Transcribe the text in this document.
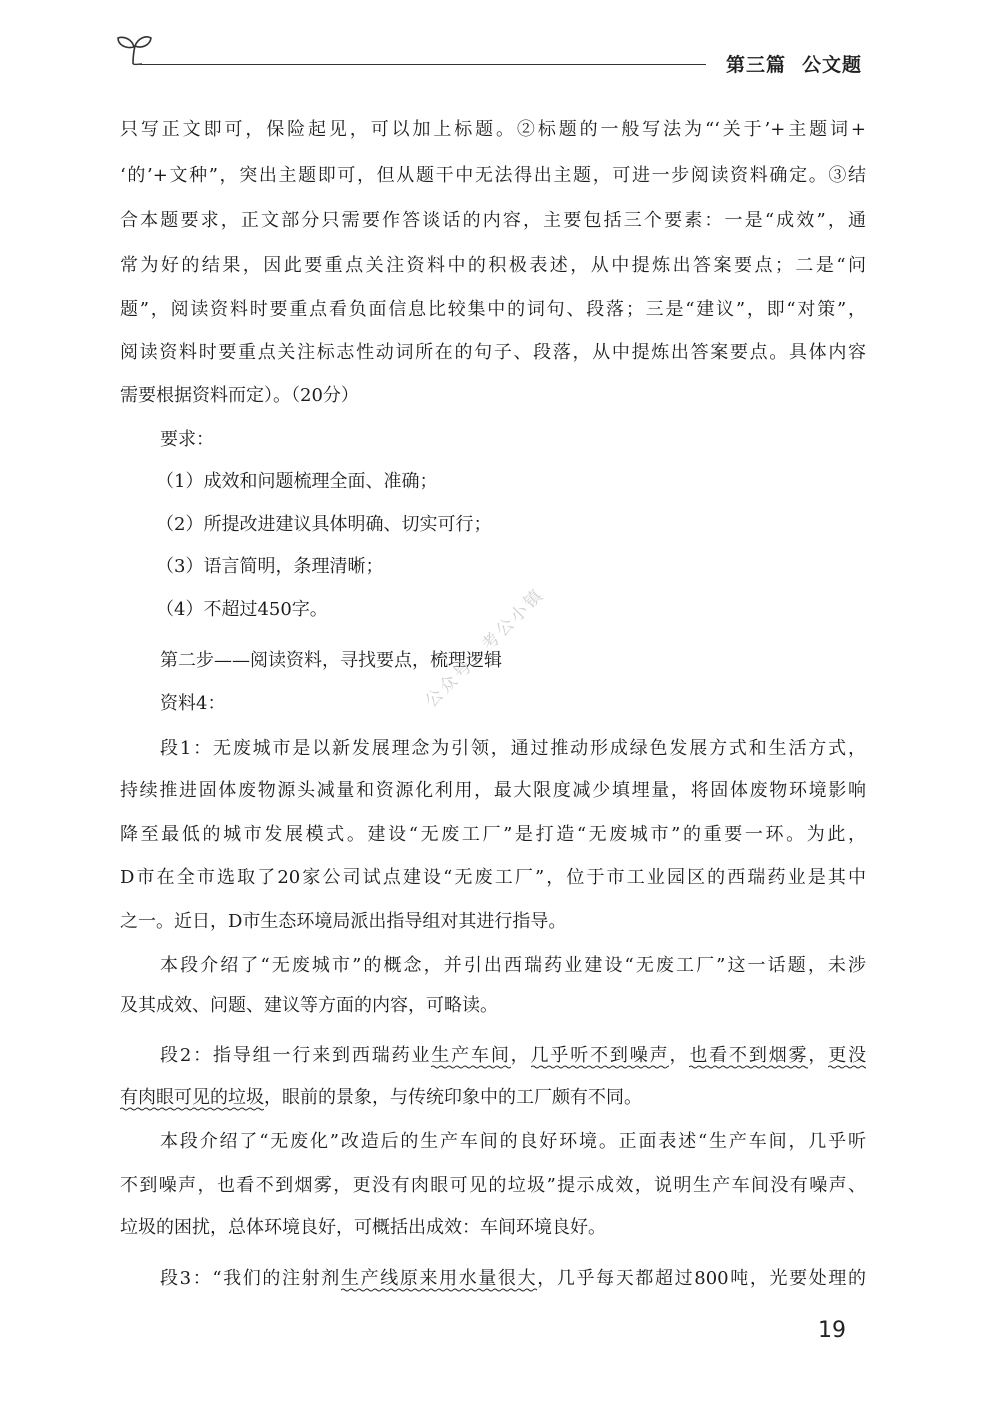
第三篇 公文题
只写正文即可，保险起见，可以加上标题。②标题的一般写法为“‘关于’+主题词+
‘的’+文种”，突出主题即可，但从题干中无法得出主题，可进一步阅读资料确定。③结
合本题要求，正文部分只需要作答谈话的内容，主要包括三个要素：一是“成效”，通
常为好的结果，因此要重点关注资料中的积极表述，从中提炼出答案要点；二是“问
题”，阅读资料时要重点看负面信息比较集中的词句、段落；三是“建议”，即“对策”，
阅读资料时要重点关注标志性动词所在的句子、段落，从中提炼出答案要点。具体内容
需要根据资料而定）。（20分）
要求：
（1）成效和问题梳理全面、准确；
（2）所提改进建议具体明确、切实可行；
（3）语言简明，条理清晰；
（4）不超过450字。
第二步——阅读资料，寻找要点，梳理逻辑
资料4：
段1：无废城市是以新发展理念为引领，通过推动形成绿色发展方式和生活方式，
持续推进固体废物源头减量和资源化利用，最大限度减少填埋量，将固体废物环境影响
降至最低的城市发展模式。建设“无废工厂”是打造“无废城市”的重要一环。为此，
D市在全市选取了20家公司试点建设“无废工厂”，位于市工业园区的西瑞药业是其中
之一。近日，D市生态环境局派出指导组对其进行指导。
本段介绍了“无废城市”的概念，并引出西瑞药业建设“无废工厂”这一话题，未涉
及其成效、问题、建议等方面的内容，可略读。
段2：指导组一行来到西瑞药业生产车间，几乎听不到噪声，也看不到烟雾，更没
有肉眼可见的垃圾，眼前的景象，与传统印象中的工厂颇有不同。
本段介绍了“无废化”改造后的生产车间的良好环境。正面表述“生产车间，几乎听
不到噪声，也看不到烟雾，更没有肉眼可见的垃圾”提示成效，说明生产车间没有噪声、
垃圾的困扰，总体环境良好，可概括出成效：车间环境良好。
段3：“我们的注射剂生产线原来用水量很大，几乎每天都超过800吨，光要处理的
公众号：考公小镇
19
